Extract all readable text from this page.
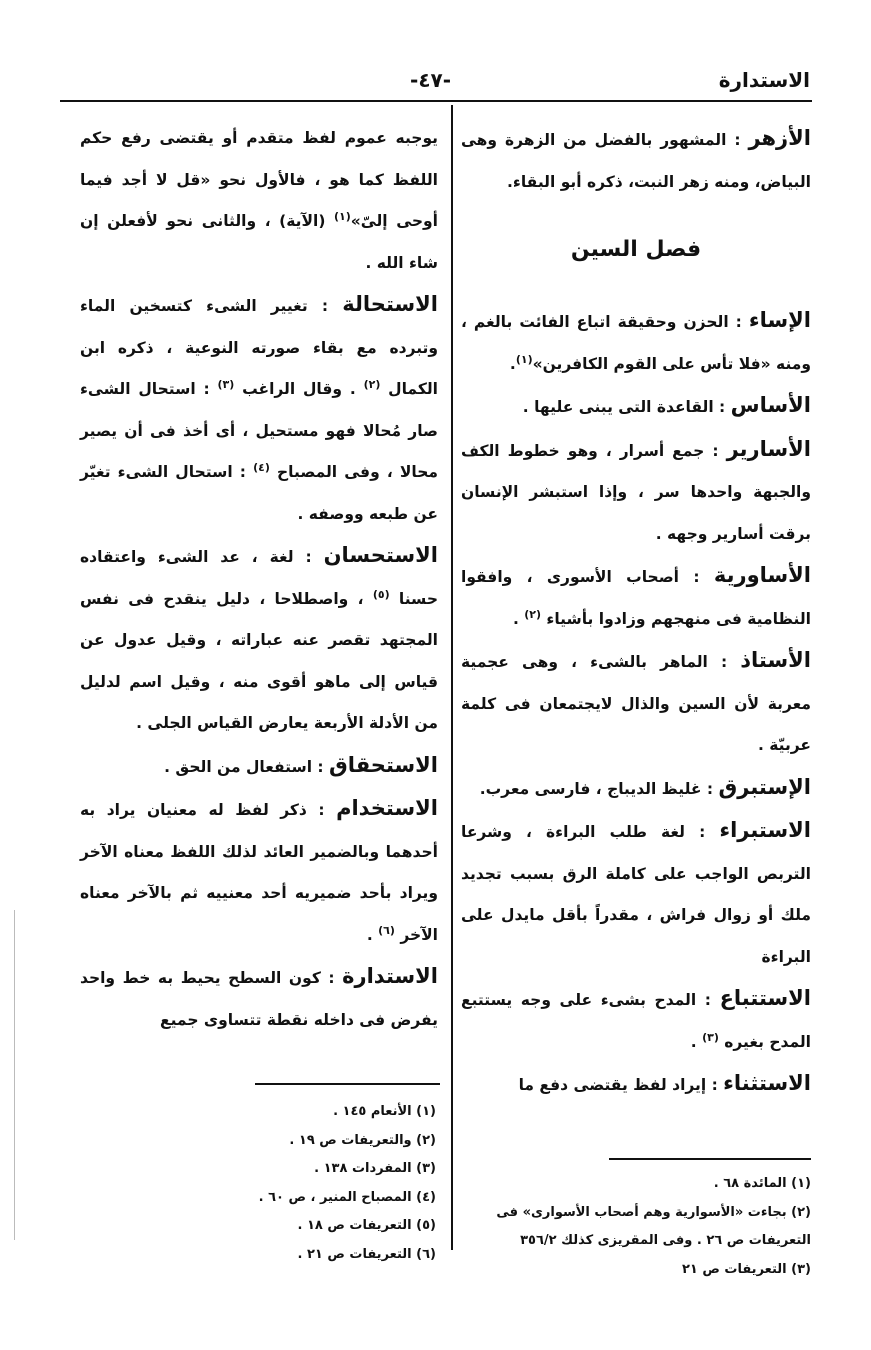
الاستدارة
-٤٧-

الأزهر : المشهور بالفضل من الزهرة وهى البياض، ومنه زهر النبت، ذكره أبو البقاء.

فصل السين

الإساء : الحزن وحقيقة اتباع الفائت بالغم ، ومنه «فلا تأس على القوم الكافرين»$^{(١)}$.

الأساس : القاعدة التى يبنى عليها .

الأسارير : جمع أسرار ، وهو خطوط الكف والجبهة واحدها سر ، وإذا استبشر الإنسان برقت أسارير وجهه .

الأساورية : أصحاب الأسورى ، وافقوا النظامية فى منهجهم وزادوا بأشياء $^{(٢)}$ .

الأستاذ : الماهر بالشىء ، وهى عجمية معربة لأن السين والذال لايجتمعان فى كلمة عربيّة .

الإستبرق : غليظ الديباج ، فارسى معرب.

الاستبراء : لغة طلب البراءة ، وشرعا التربص الواجب على كاملة الرق بسبب تجديد ملك أو زوال فراش ، مقدراً بأقل مايدل على البراءة

الاستتباع : المدح بشىء على وجه يستتبع المدح بغيره $^{(٣)}$ .

الاستثناء : إيراد لفظ يقتضى دفع ما

يوجبه عموم لفظ متقدم أو يقتضى رفع حكم اللفظ كما هو ، فالأول نحو «قل لا أجد فيما أوحى إلىّ»$^{(١)}$ (الآية) ، والثانى نحو لأفعلن إن شاء الله .

الاستحالة : تغيير الشىء كتسخين الماء وتبرده مع بقاء صورته النوعية ، ذكره ابن الكمال $^{(٢)}$ . وقال الراغب $^{(٣)}$ : استحال الشىء صار مُحالا فهو مستحيل ، أى أخذ فى أن يصير محالا ، وفى المصباح $^{(٤)}$ : استحال الشىء تغيّر عن طبعه ووصفه .

الاستحسان : لغة ، عد الشىء واعتقاده حسنا $^{(٥)}$ ، واصطلاحا ، دليل ينقدح فى نفس المجتهد تقصر عنه عباراته ، وقيل عدول عن قياس إلى ماهو أقوى منه ، وقيل اسم لدليل من الأدلة الأربعة يعارض القياس الجلى .

الاستحقاق : استفعال من الحق .

الاستخدام : ذكر لفظ له معنيان يراد به أحدهما وبالضمير العائد لذلك اللفظ معناه الآخر ويراد بأحد ضميريه أحد معنييه ثم بالآخر معناه الآخر $^{(٦)}$ .

الاستدارة : كون السطح يحيط به خط واحد يفرض فى داخله نقطة تتساوى جميع

(١) الأنعام ١٤٥ .

(٢) والتعريفات ص ١٩ .

(٣) المفردات ١٣٨ .

(٤) المصباح المنير ، ص ٦٠ .

(٥) التعريفات ص ١٨ .

(٦) التعريفات ص ٢١ .

(١) المائدة ٦٨ .

(٢) بجاءت «الأسوارية وهم أصحاب الأسوارى» فى

التعريفات ص ٢٦ . وفى المقريزى كذلك ٣٥٦/٢

(٣) التعريفات ص ٢١
